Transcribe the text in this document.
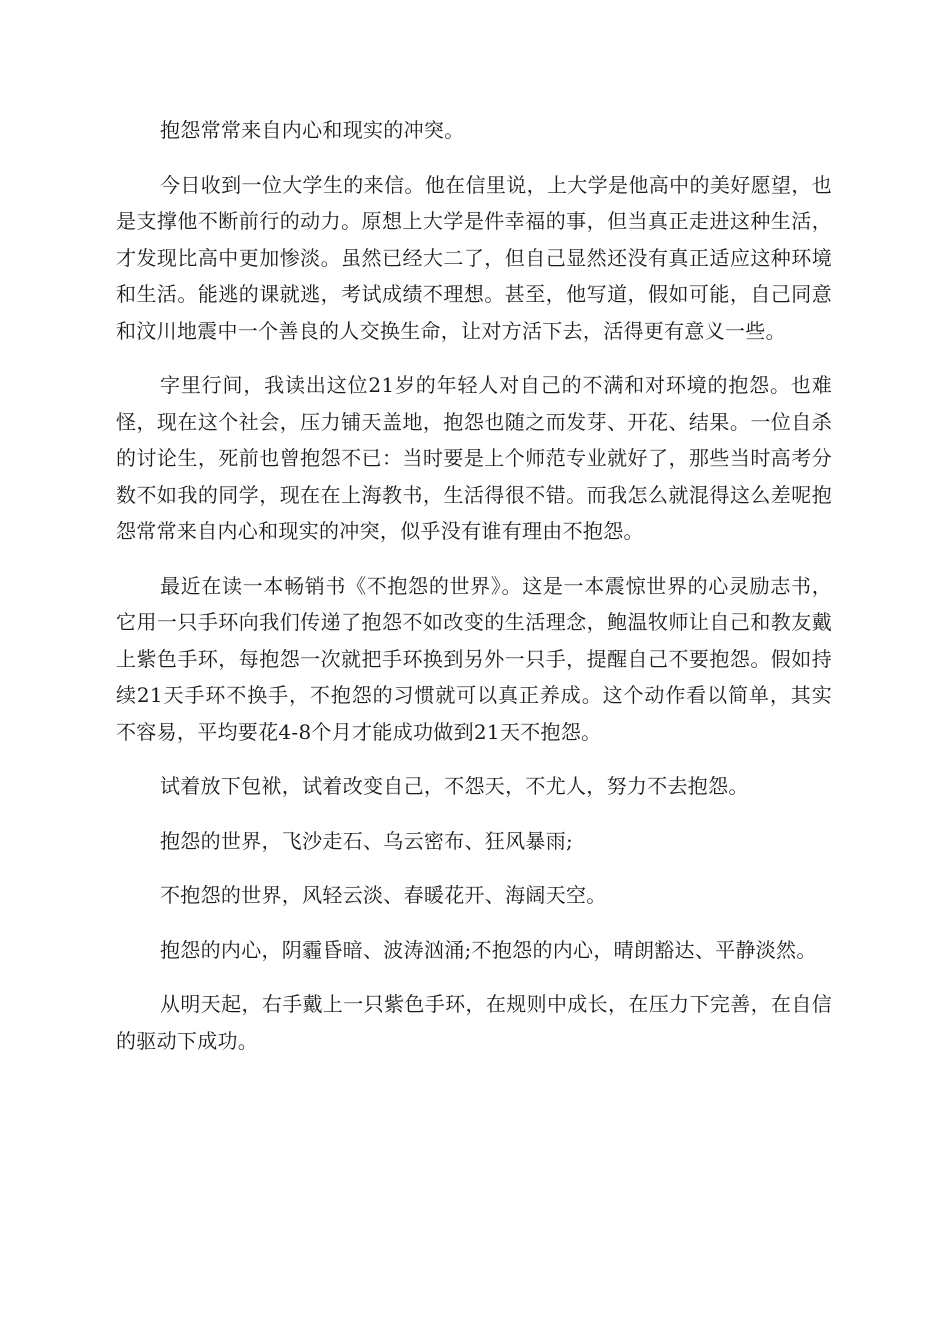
抱怨常常来自内心和现实的冲突。

今日收到一位大学生的来信。他在信里说，上大学是他高中的美好愿望，也是支撑他不断前行的动力。原想上大学是件幸福的事，但当真正走进这种生活，才发现比高中更加惨淡。虽然已经大二了，但自己显然还没有真正适应这种环境和生活。能逃的课就逃，考试成绩不理想。甚至，他写道，假如可能，自己同意和汶川地震中一个善良的人交换生命，让对方活下去，活得更有意义一些。

字里行间，我读出这位21岁的年轻人对自己的不满和对环境的抱怨。也难怪，现在这个社会，压力铺天盖地，抱怨也随之而发芽、开花、结果。一位自杀的讨论生，死前也曾抱怨不已：当时要是上个师范专业就好了，那些当时高考分数不如我的同学，现在在上海教书，生活得很不错。而我怎么就混得这么差呢抱怨常常来自内心和现实的冲突，似乎没有谁有理由不抱怨。

最近在读一本畅销书《不抱怨的世界》。这是一本震惊世界的心灵励志书，它用一只手环向我们传递了抱怨不如改变的生活理念，鲍温牧师让自己和教友戴上紫色手环，每抱怨一次就把手环换到另外一只手，提醒自己不要抱怨。假如持续21天手环不换手，不抱怨的习惯就可以真正养成。这个动作看以简单，其实不容易，平均要花4-8个月才能成功做到21天不抱怨。

试着放下包袱，试着改变自己，不怨天，不尤人，努力不去抱怨。

抱怨的世界，飞沙走石、乌云密布、狂风暴雨;

不抱怨的世界，风轻云淡、春暖花开、海阔天空。

抱怨的内心，阴霾昏暗、波涛汹涌;不抱怨的内心，晴朗豁达、平静淡然。

从明天起，右手戴上一只紫色手环，在规则中成长，在压力下完善，在自信的驱动下成功。
